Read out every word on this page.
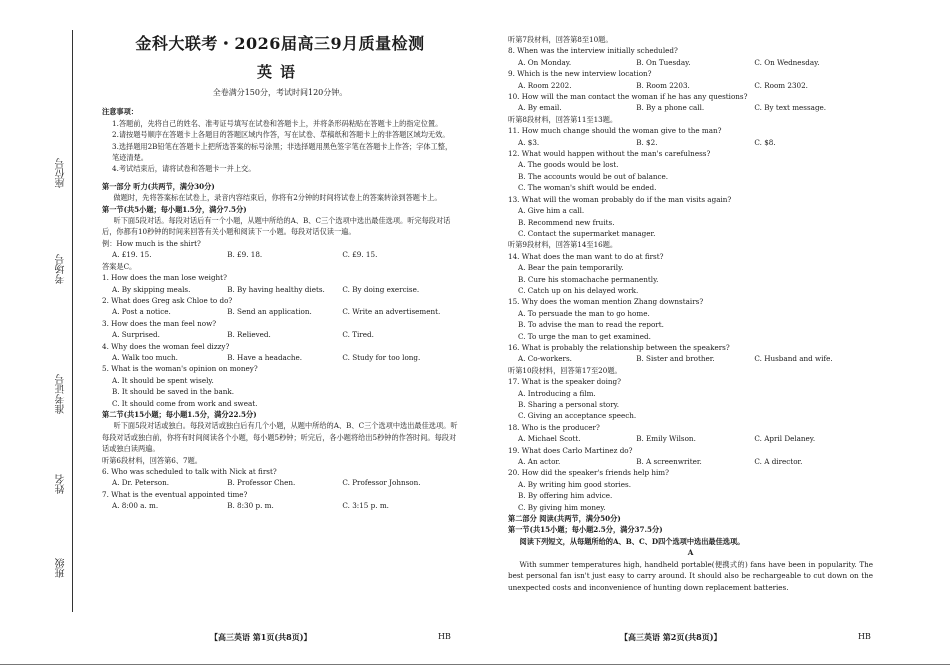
座位号
考场号
准考证号
姓名
班级
金科大联考・2026届高三9月质量检测
英语
全卷满分150分，考试时间120分钟。
注意事项：
1.答题前，先将自己的姓名、准考证号填写在试卷和答题卡上，并将条形码粘贴在答题卡上的指定位置。
2.请按题号顺序在答题卡上各题目的答题区域内作答，写在试卷、草稿纸和答题卡上的非答题区域均无效。
3.选择题用2B铅笔在答题卡上把所选答案的标号涂黑；非选择题用黑色签字笔在答题卡上作答；字体工整，笔迹清楚。
4.考试结束后，请将试卷和答题卡一并上交。
第一部分 听力(共两节，满分30分)
做题时，先将答案标在试卷上，录音内容结束后，你将有2分钟的时间将试卷上的答案转涂到答题卡上。
第一节(共5小题；每小题1.5分，满分7.5分)
听下面5段对话。每段对话后有一个小题，从题中所给的A、B、C三个选项中选出最佳选项。听完每段对话后，你都有10秒钟的时间来回答有关小题和阅读下一小题。每段对话仅读一遍。
例：How much is the shirt?
A. £19. 15.	B. £9. 18.	C. £9. 15.
答案是C。
1. How does the man lose weight?
A. By skipping meals.	B. By having healthy diets.	C. By doing exercise.
2. What does Greg ask Chloe to do?
A. Post a notice.	B. Send an application.	C. Write an advertisement.
3. How does the man feel now?
A. Surprised.	B. Relieved.	C. Tired.
4. Why does the woman feel dizzy?
A. Walk too much.	B. Have a headache.	C. Study for too long.
5. What is the woman's opinion on money?
A. It should be spent wisely.
B. It should be saved in the bank.
C. It should come from work and sweat.
第二节(共15小题；每小题1.5分，满分22.5分)
听下面5段对话或独白。每段对话或独白后有几个小题，从题中所给的A、B、C三个选项中选出最佳选项。听每段对话或独白前，你将有时间阅读各个小题，每小题5秒钟；听完后，各小题将给出5秒钟的作答时间。每段对话或独白读两遍。
听第6段材料，回答第6、7题。
6. Who was scheduled to talk with Nick at first?
A. Dr. Peterson.	B. Professor Chen.	C. Professor Johnson.
7. What is the eventual appointed time?
A. 8:00 a. m.	B. 8:30 p. m.	C. 3:15 p. m.
【高三英语 第1页(共8页)】	HB
听第7段材料，回答第8至10题。
8. When was the interview initially scheduled?
A. On Monday.	B. On Tuesday.	C. On Wednesday.
9. Which is the new interview location?
A. Room 2202.	B. Room 2203.	C. Room 2302.
10. How will the man contact the woman if he has any questions?
A. By email.	B. By a phone call.	C. By text message.
听第8段材料，回答第11至13题。
11. How much change should the woman give to the man?
A. $3.	B. $2.	C. $8.
12. What would happen without the man's carefulness?
A. The goods would be lost.
B. The accounts would be out of balance.
C. The woman's shift would be ended.
13. What will the woman probably do if the man visits again?
A. Give him a call.
B. Recommend new fruits.
C. Contact the supermarket manager.
听第9段材料，回答第14至16题。
14. What does the man want to do at first?
A. Bear the pain temporarily.
B. Cure his stomachache permanently.
C. Catch up on his delayed work.
15. Why does the woman mention Zhang downstairs?
A. To persuade the man to go home.
B. To advise the man to read the report.
C. To urge the man to get examined.
16. What is probably the relationship between the speakers?
A. Co-workers.	B. Sister and brother.	C. Husband and wife.
听第10段材料，回答第17至20题。
17. What is the speaker doing?
A. Introducing a film.
B. Sharing a personal story.
C. Giving an acceptance speech.
18. Who is the producer?
A. Michael Scott.	B. Emily Wilson.	C. April Delaney.
19. What does Carlo Martinez do?
A. An actor.	B. A screenwriter.	C. A director.
20. How did the speaker's friends help him?
A. By writing him good stories.
B. By offering him advice.
C. By giving him money.
第二部分 阅读(共两节，满分50分)
第一节(共15小题；每小题2.5分，满分37.5分)
阅读下列短文，从每题所给的A、B、C、D四个选项中选出最佳选项。
A
With summer temperatures high, handheld portable(便携式的) fans have been in popularity. The best personal fan isn't just easy to carry around. It should also be rechargeable to cut down on the unexpected costs and inconvenience of hunting down replacement batteries.
【高三英语 第2页(共8页)】	HB
